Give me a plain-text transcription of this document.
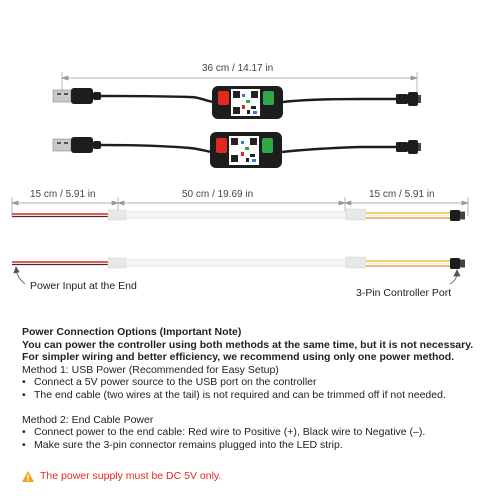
36 cm / 14.17 in
15 cm / 5.91 in	50 cm / 19.69 in	15 cm / 5.91 in
Power Input at the End
3-Pin Controller Port
Power Connection Options (Important Note)
You can power the controller using both methods at the same time, but it is not necessary.
For simpler wiring and better efficiency, we recommend using only one power method.
Method 1: USB Power (Recommended for Easy Setup)
• Connect a 5V power source to the USB port on the controller
• The end cable (two wires at the tail) is not required and can be trimmed off if not needed.
Method 2: End Cable Power
• Connect power to the end cable: Red wire to Positive (+), Black wire to Negative (–).
• Make sure the 3-pin connector remains plugged into the LED strip.
The power supply must be DC 5V only.
